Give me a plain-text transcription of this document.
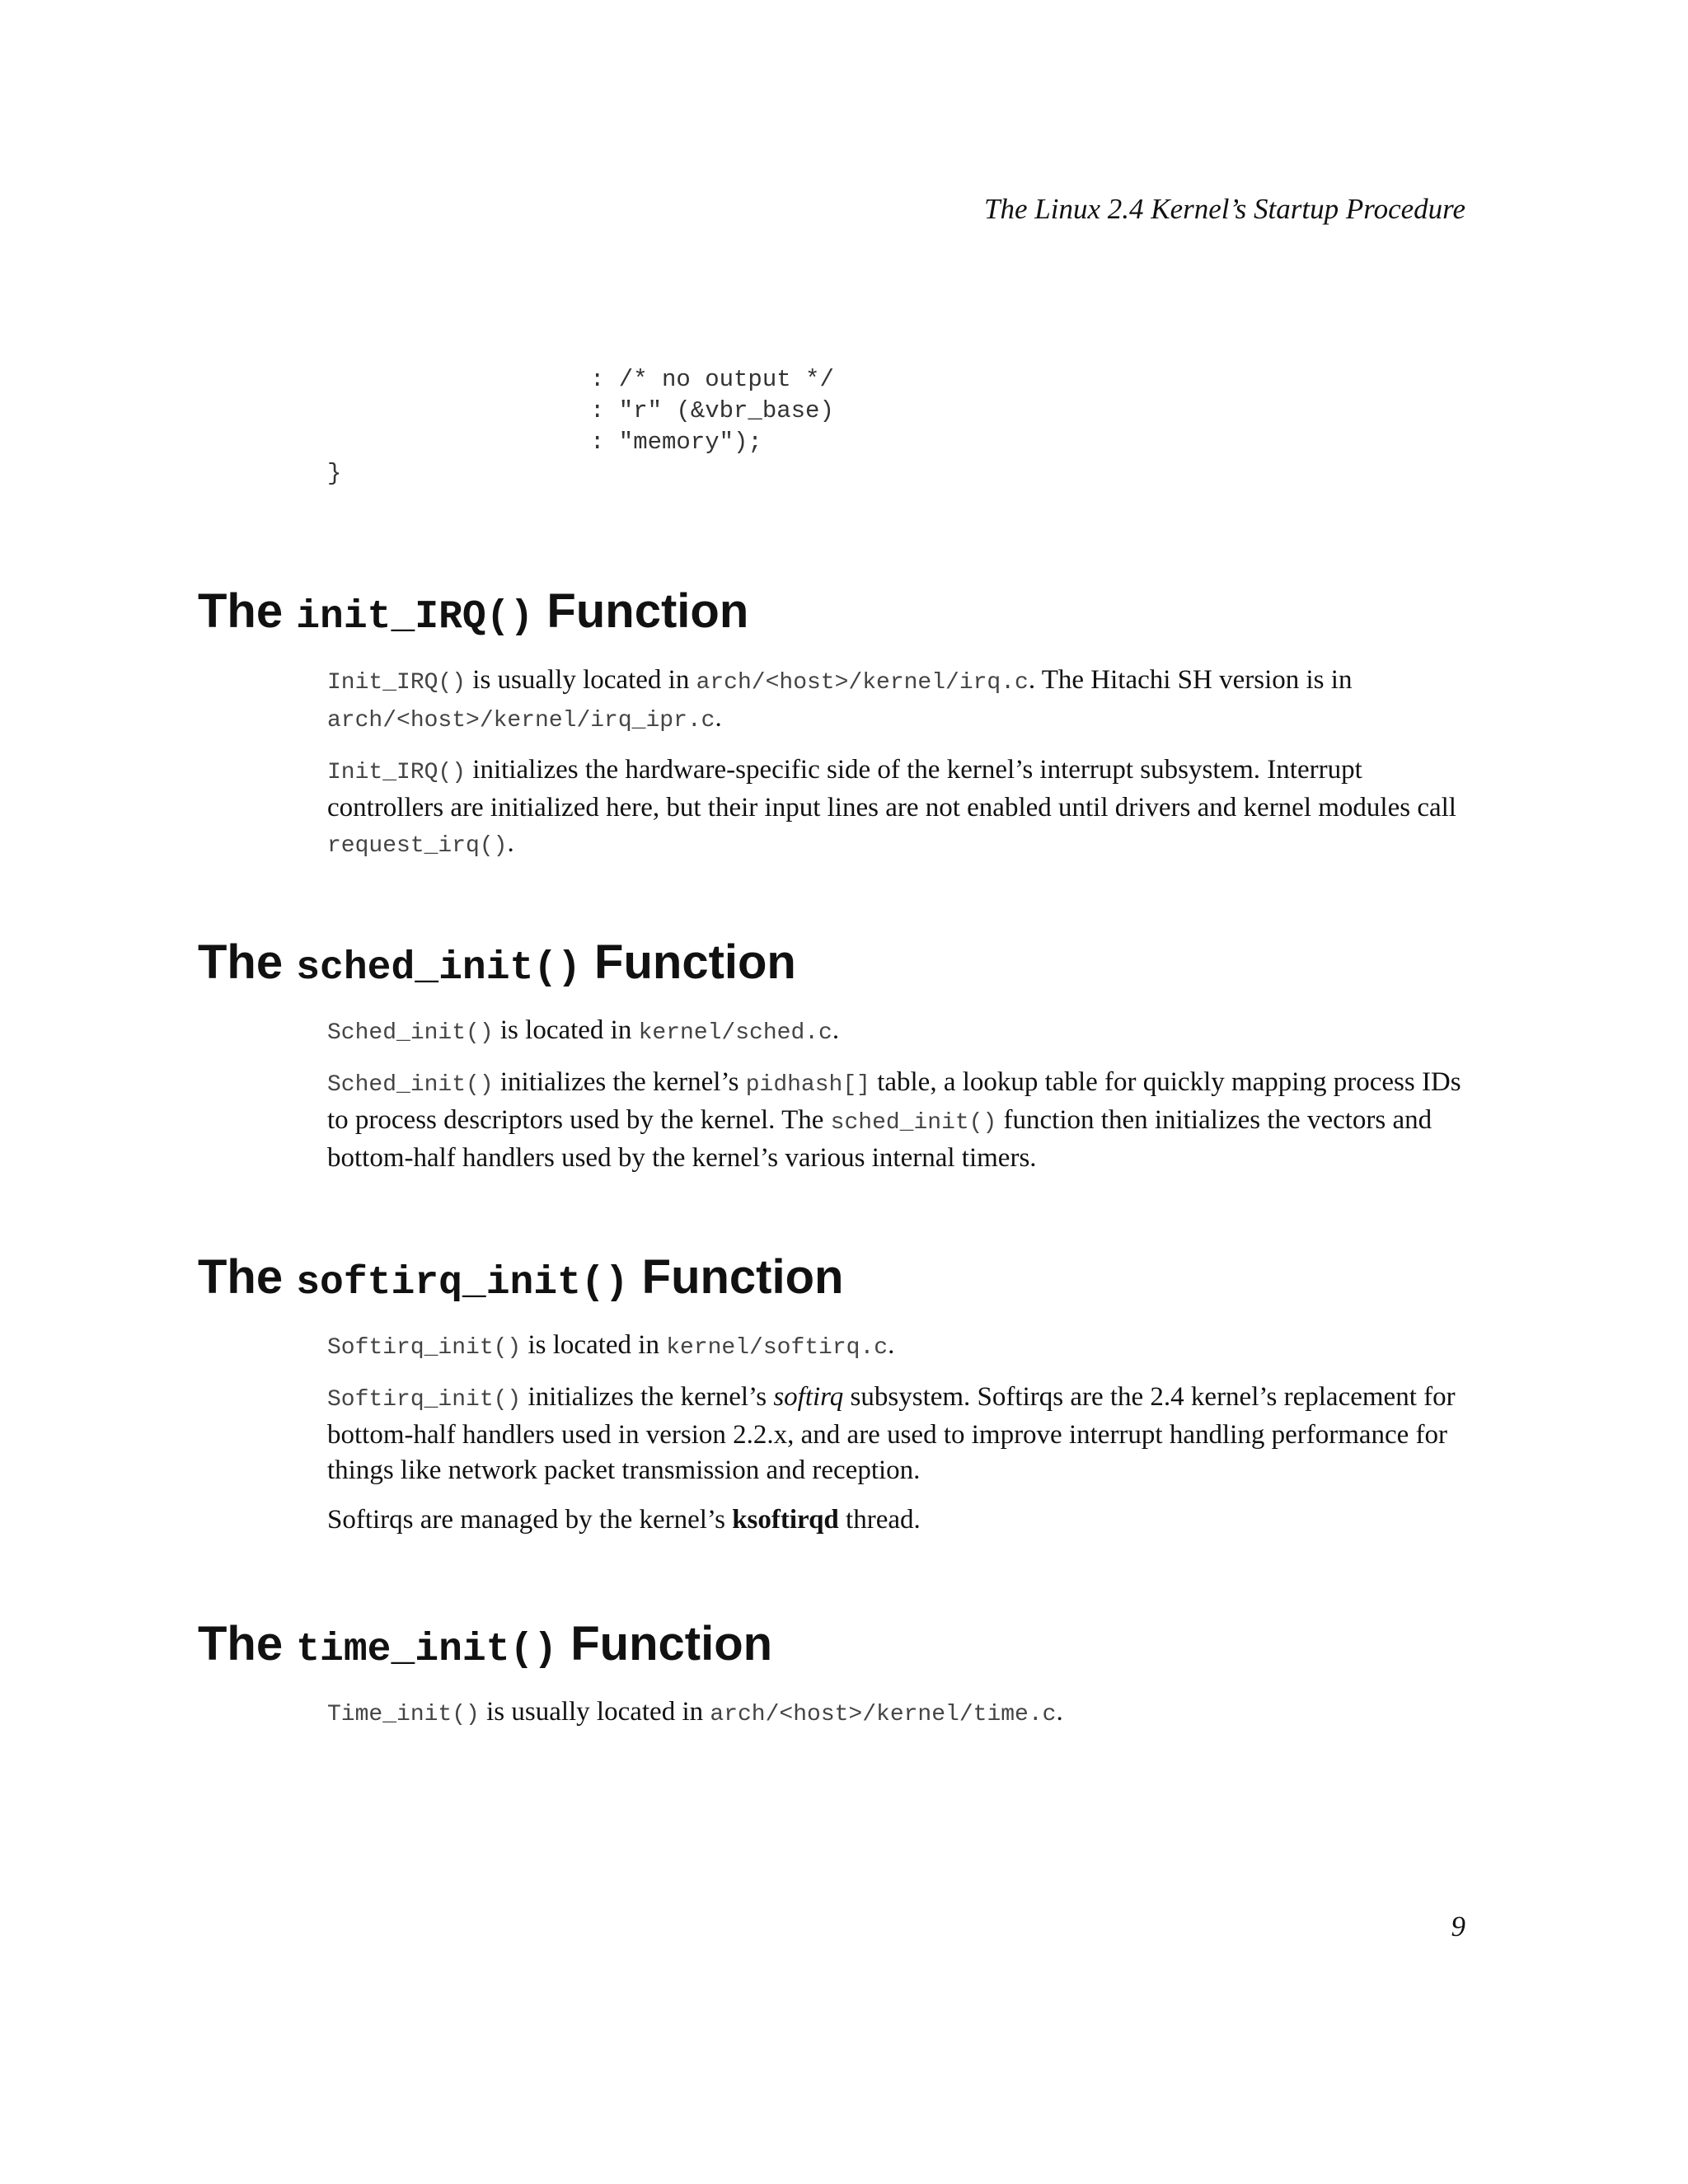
The Linux 2.4 Kernel’s Startup Procedure
: /* no output */
: "r" (&vbr_base)
: "memory");
}
The init_IRQ() Function

Init_IRQ() is usually located in arch/<host>/kernel/irq.c. The Hitachi SH version is in arch/<host>/kernel/irq_ipr.c.

Init_IRQ() initializes the hardware-specific side of the kernel’s interrupt subsystem. Interrupt controllers are initialized here, but their input lines are not enabled until drivers and kernel modules call request_irq().

The sched_init() Function

Sched_init() is located in kernel/sched.c.

Sched_init() initializes the kernel’s pidhash[] table, a lookup table for quickly mapping process IDs to process descriptors used by the kernel. The sched_init() function then initializes the vectors and bottom-half handlers used by the kernel’s various internal timers.

The softirq_init() Function

Softirq_init() is located in kernel/softirq.c.

Softirq_init() initializes the kernel’s softirq subsystem. Softirqs are the 2.4 kernel’s replacement for bottom-half handlers used in version 2.2.x, and are used to improve interrupt handling performance for things like network packet transmission and reception.

Softirqs are managed by the kernel’s ksoftirqd thread.

The time_init() Function

Time_init() is usually located in arch/<host>/kernel/time.c.

9
